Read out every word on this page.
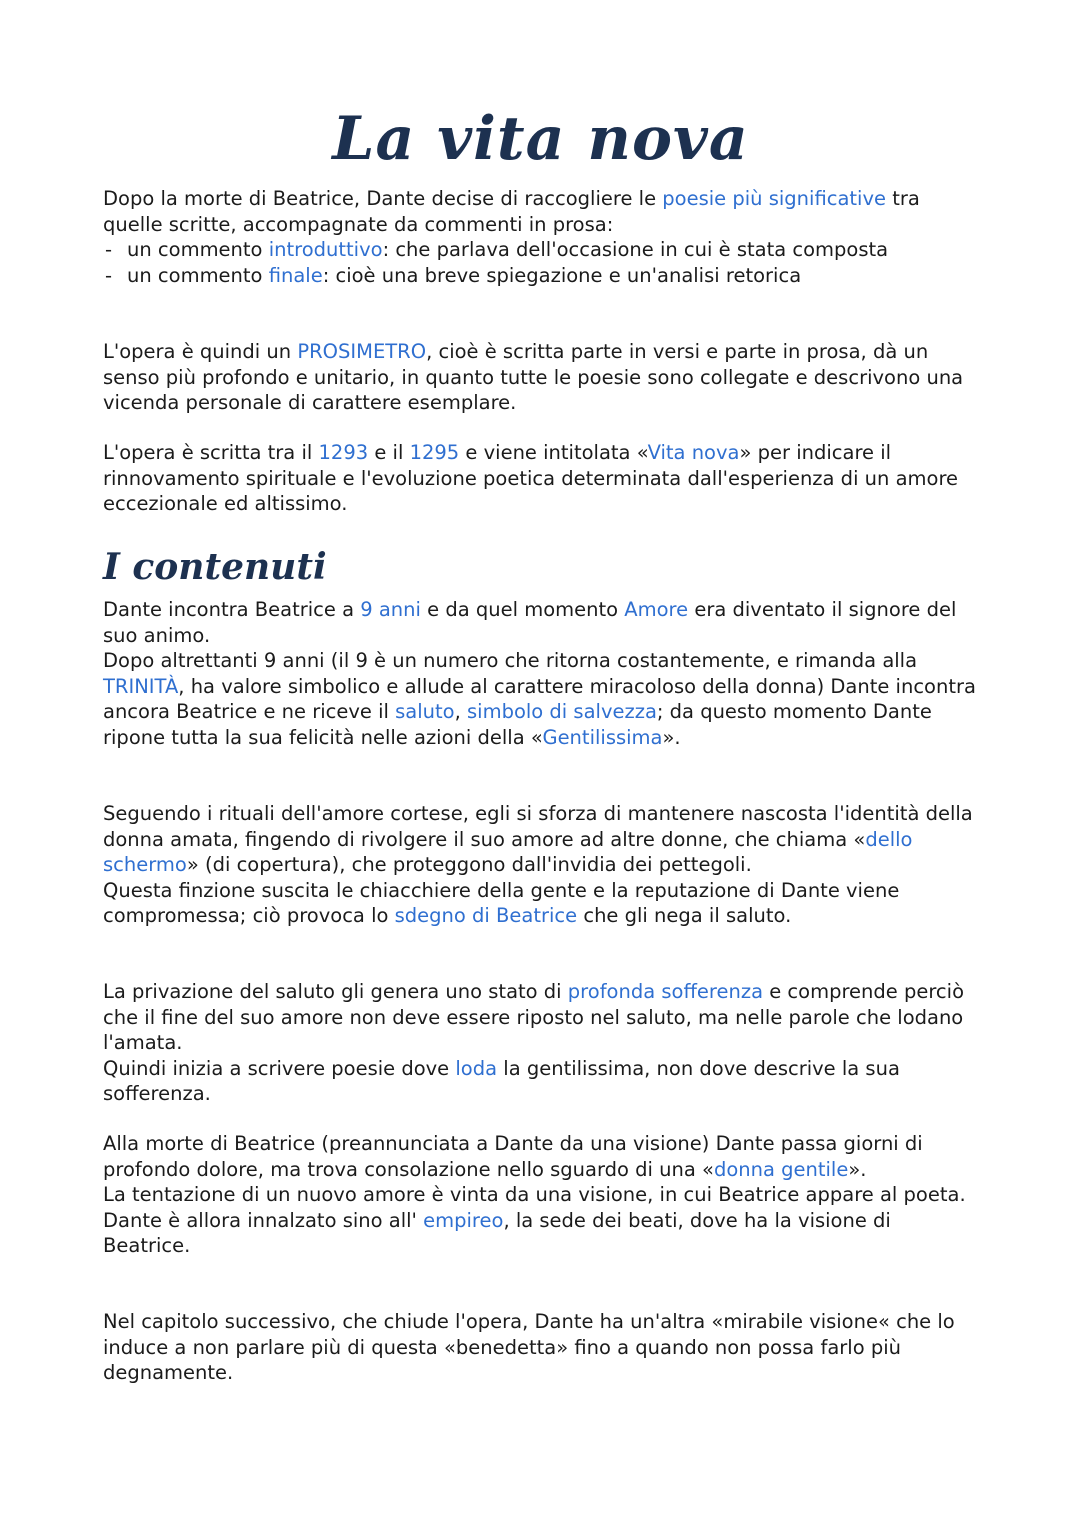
La vita nova

Dopo la morte di Beatrice, Dante decise di raccogliere le poesie più significative tra quelle scritte, accompagnate da commenti in prosa:

- un commento introduttivo: che parlava dell'occasione in cui è stata composta
- un commento finale: cioè una breve spiegazione e un'analisi retorica

L'opera è quindi un PROSIMETRO, cioè è scritta parte in versi e parte in prosa, dà un senso più profondo e unitario, in quanto tutte le poesie sono collegate e descrivono una vicenda personale di carattere esemplare.

L'opera è scritta tra il 1293 e il 1295 e viene intitolata «Vita nova» per indicare il rinnovamento spirituale e l'evoluzione poetica determinata dall'esperienza di un amore eccezionale ed altissimo.

I contenuti

Dante incontra Beatrice a 9 anni e da quel momento Amore era diventato il signore del suo animo.

Dopo altrettanti 9 anni (il 9 è un numero che ritorna costantemente, e rimanda alla TRINITÀ, ha valore simbolico e allude al carattere miracoloso della donna) Dante incontra ancora Beatrice e ne riceve il saluto, simbolo di salvezza; da questo momento Dante ripone tutta la sua felicità nelle azioni della «Gentilissima».

Seguendo i rituali dell'amore cortese, egli si sforza di mantenere nascosta l'identità della donna amata, fingendo di rivolgere il suo amore ad altre donne, che chiama «dello schermo» (di copertura), che proteggono dall'invidia dei pettegoli.

Questa finzione suscita le chiacchiere della gente e la reputazione di Dante viene compromessa; ciò provoca lo sdegno di Beatrice che gli nega il saluto.

La privazione del saluto gli genera uno stato di profonda sofferenza e comprende perciò che il fine del suo amore non deve essere riposto nel saluto, ma nelle parole che lodano l'amata.

Quindi inizia a scrivere poesie dove loda la gentilissima, non dove descrive la sua sofferenza.

Alla morte di Beatrice (preannunciata a Dante da una visione) Dante passa giorni di profondo dolore, ma trova consolazione nello sguardo di una «donna gentile».

La tentazione di un nuovo amore è vinta da una visione, in cui Beatrice appare al poeta. Dante è allora innalzato sino all' empireo, la sede dei beati, dove ha la visione di Beatrice.

Nel capitolo successivo, che chiude l'opera, Dante ha un'altra «mirabile visione« che lo induce a non parlare più di questa «benedetta» fino a quando non possa farlo più degnamente.
